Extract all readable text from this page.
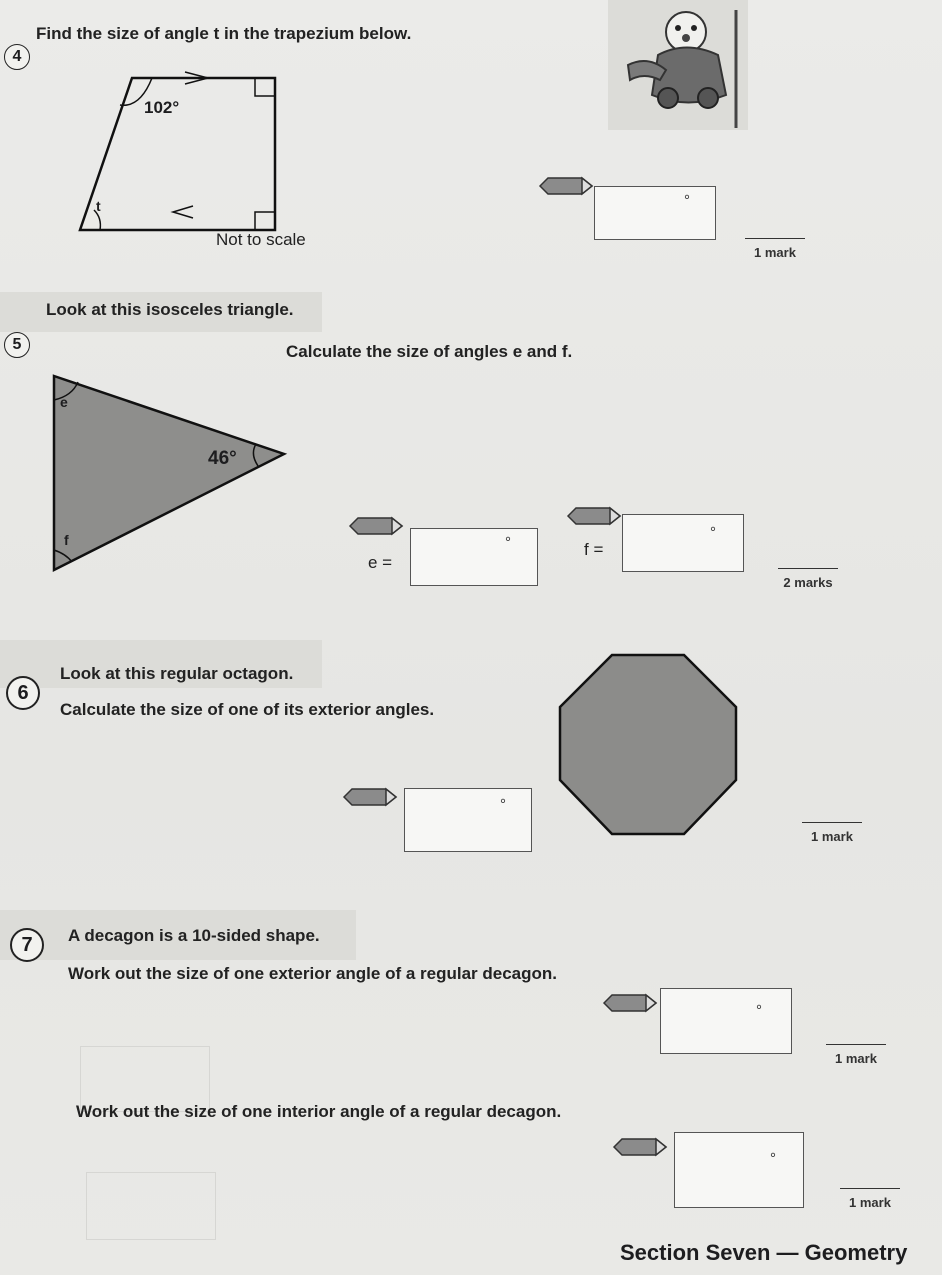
4
Find the size of angle t in the trapezium below.
102°
t
Not to scale
°
1 mark
5
Look at this isosceles triangle.
Calculate the size of angles e and f.
e
46°
f
e =
°	f =
°
2 marks
6
Look at this regular octagon.
Calculate the size of one of its exterior angles.
°
1 mark
7	A decagon is a 10-sided shape.
Work out the size of one exterior angle of a regular decagon.
°
1 mark
Work out the size of one interior angle of a regular decagon.
°
1 mark
Section Seven — Geometry
